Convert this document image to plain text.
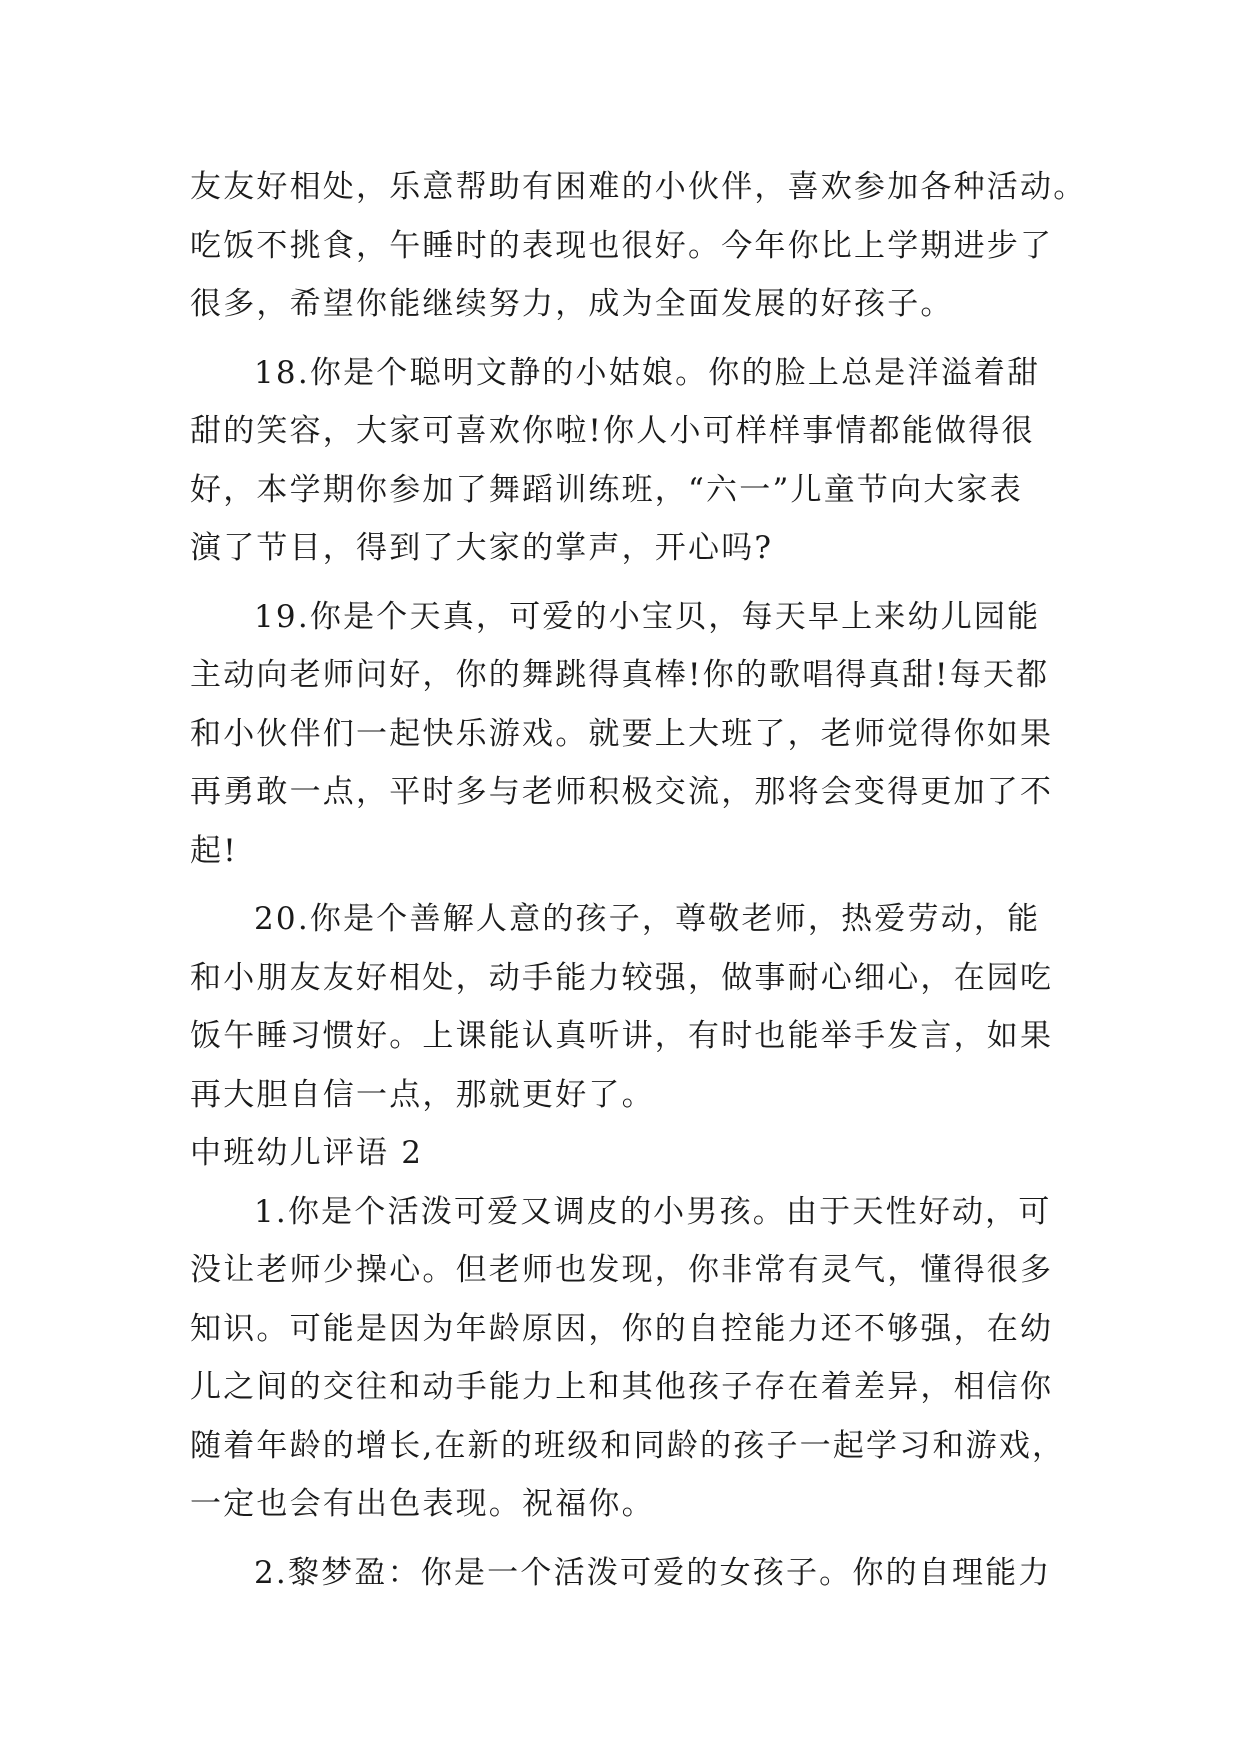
友友好相处，乐意帮助有困难的小伙伴，喜欢参加各种活动。
吃饭不挑食，午睡时的表现也很好。今年你比上学期进步了
很多，希望你能继续努力，成为全面发展的好孩子。

18.你是个聪明文静的小姑娘。你的脸上总是洋溢着甜
甜的笑容，大家可喜欢你啦!你人小可样样事情都能做得很
好，本学期你参加了舞蹈训练班，“六一”儿童节向大家表
演了节目，得到了大家的掌声，开心吗?

19.你是个天真，可爱的小宝贝，每天早上来幼儿园能
主动向老师问好，你的舞跳得真棒!你的歌唱得真甜!每天都
和小伙伴们一起快乐游戏。就要上大班了，老师觉得你如果
再勇敢一点，平时多与老师积极交流，那将会变得更加了不
起!

20.你是个善解人意的孩子，尊敬老师，热爱劳动，能
和小朋友友好相处，动手能力较强，做事耐心细心，在园吃
饭午睡习惯好。上课能认真听讲，有时也能举手发言，如果
再大胆自信一点，那就更好了。

中班幼儿评语 2

1.你是个活泼可爱又调皮的小男孩。由于天性好动，可
没让老师少操心。但老师也发现，你非常有灵气，懂得很多
知识。可能是因为年龄原因，你的自控能力还不够强，在幼
儿之间的交往和动手能力上和其他孩子存在着差异，相信你
随着年龄的增长,在新的班级和同龄的孩子一起学习和游戏，
一定也会有出色表现。祝福你。

2.黎梦盈：你是一个活泼可爱的女孩子。你的自理能力
